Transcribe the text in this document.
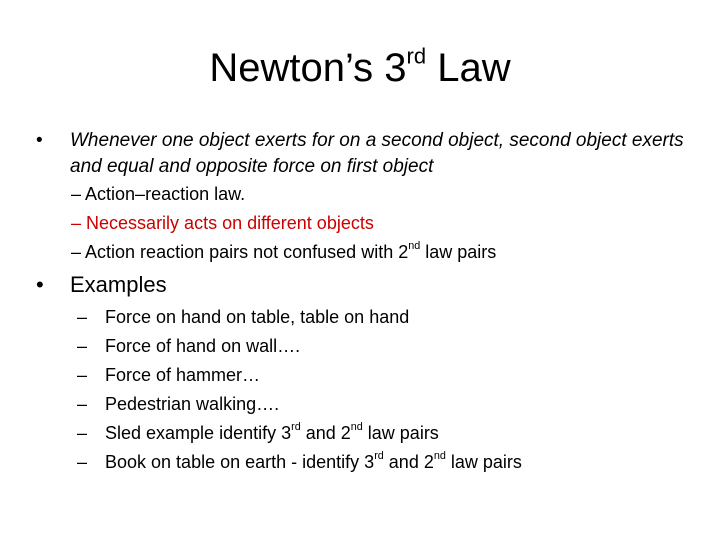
Newton’s 3rd Law
• Whenever one object exerts for on a second object, second object exerts and equal and opposite force on first object
– Action–reaction law.
– Necessarily acts on different objects
– Action reaction pairs not confused with 2nd law pairs
• Examples
– Force on hand on table, table on hand
– Force of hand on wall….
– Force of hammer…
– Pedestrian walking….
– Sled example identify 3rd and 2nd law pairs
– Book on table on earth - identify 3rd and 2nd law pairs
